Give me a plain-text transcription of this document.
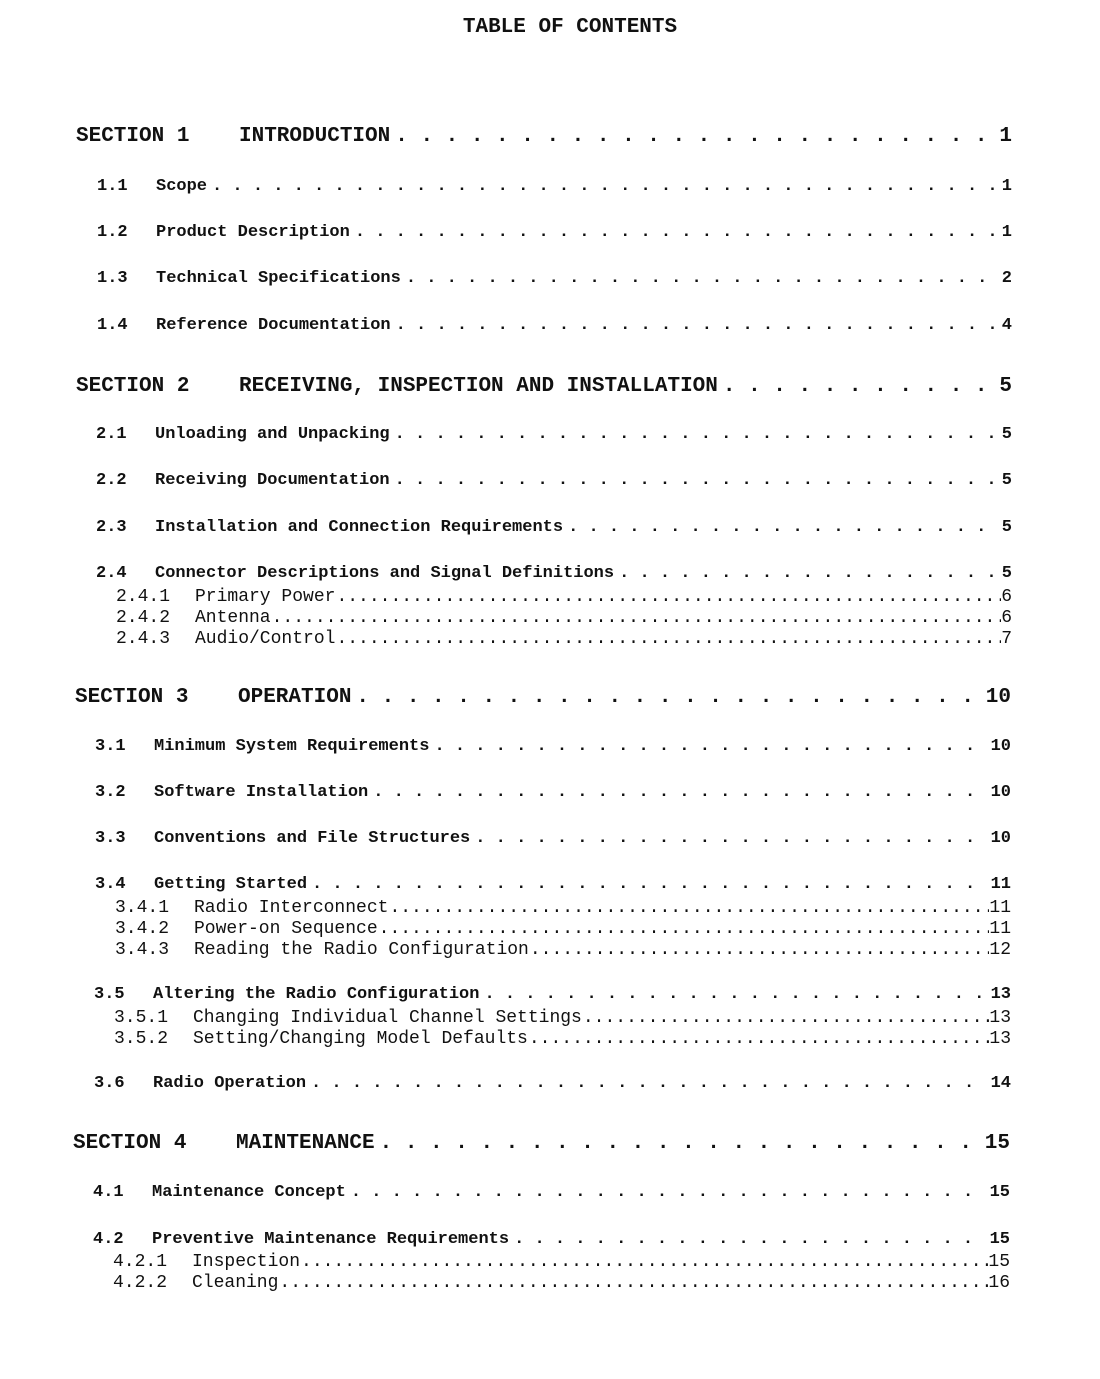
TABLE OF CONTENTS
SECTION 1	INTRODUCTION . . .	1
1.1	Scope . . .	1
1.2	Product Description . . .	1
1.3	Technical Specifications . . .	2
1.4	Reference Documentation . . .	4
SECTION 2	RECEIVING, INSPECTION AND INSTALLATION . . .	5
2.1	Unloading and Unpacking . . .	5
2.2	Receiving Documentation . . .	5
2.3	Installation and Connection Requirements . . .	5
2.4	Connector Descriptions and Signal Definitions . . .	5
2.4.1	Primary Power .....	6
2.4.2	Antenna .....	6
2.4.3	Audio/Control .....	7
SECTION 3	OPERATION . . .	10
3.1	Minimum System Requirements . . .	10
3.2	Software Installation . . .	10
3.3	Conventions and File Structures . . .	10
3.4	Getting Started . . .	11
3.4.1	Radio Interconnect .....	11
3.4.2	Power-on Sequence .....	11
3.4.3	Reading the Radio Configuration .....	12
3.5	Altering the Radio Configuration . . .	13
3.5.1	Changing Individual Channel Settings .....	13
3.5.2	Setting/Changing Model Defaults .....	13
3.6	Radio Operation . . .	14
SECTION 4	MAINTENANCE . . .	15
4.1	Maintenance Concept . . .	15
4.2	Preventive Maintenance Requirements . . .	15
4.2.1	Inspection .....	15
4.2.2	Cleaning .....	16
